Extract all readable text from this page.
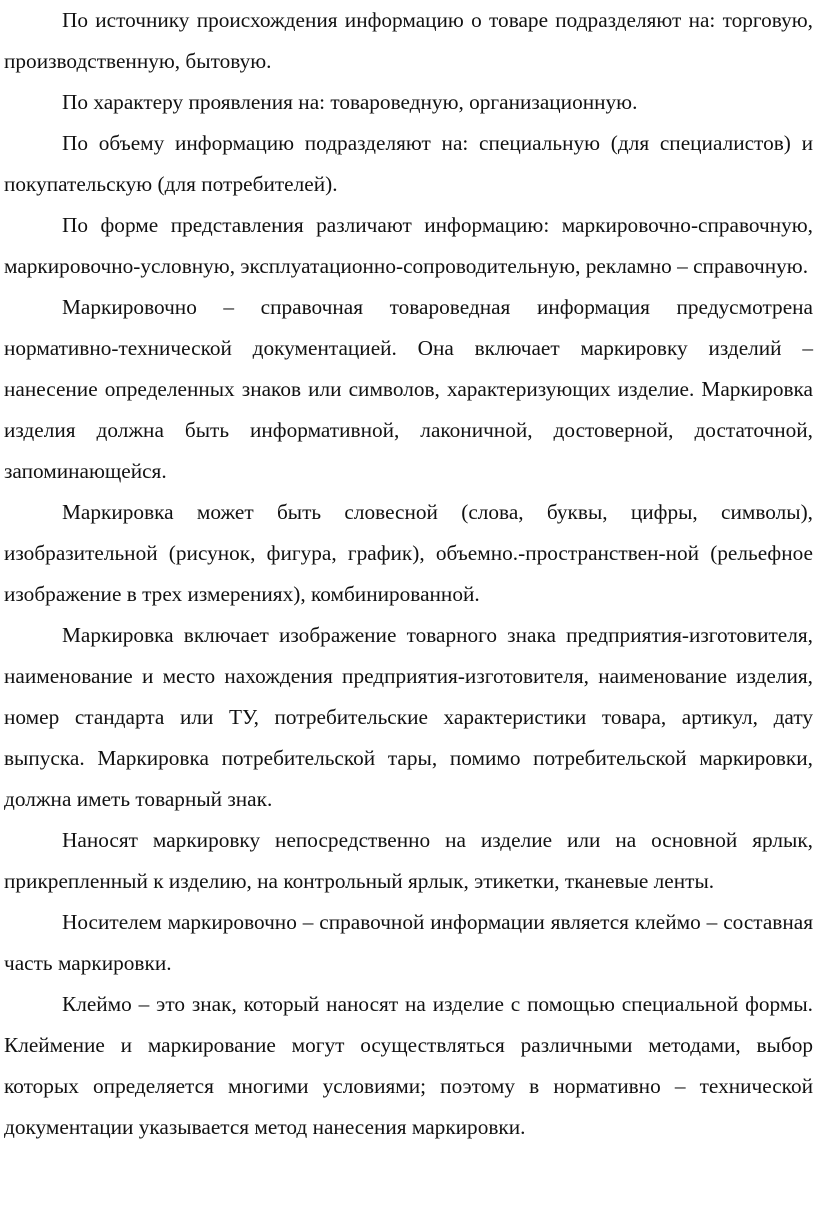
По источнику происхождения информацию о товаре подразделяют на: торговую, производственную, бытовую.

По характеру проявления на: товароведную, организационную.

По объему информацию подразделяют на: специальную (для специалистов) и покупательскую (для потребителей).

По форме представления различают информацию: маркировочно-справочную, маркировочно-условную, эксплуатационно-сопроводительную, рекламно – справочную.

Маркировочно – справочная товароведная информация предусмотрена нормативно-технической документацией. Она включает маркировку изделий – нанесение определенных знаков или символов, характеризующих изделие. Маркировка изделия должна быть информативной, лаконичной, достоверной, достаточной, запоминающейся.

Маркировка может быть словесной (слова, буквы, цифры, символы), изобразительной (рисунок, фигура, график), объемно.-пространствен-ной (рельефное изображение в трех измерениях), комбинированной.

Маркировка включает изображение товарного знака предприятия-изготовителя, наименование и место нахождения предприятия-изготовителя, наименование изделия, номер стандарта или ТУ, потребительские характеристики товара, артикул, дату выпуска. Маркировка потребительской тары, помимо потребительской маркировки, должна иметь товарный знак.

Наносят маркировку непосредственно на изделие или на основной ярлык, прикрепленный к изделию, на контрольный ярлык, этикетки, тканевые ленты.

Носителем маркировочно – справочной информации является клеймо – составная часть маркировки.

Клеймо – это знак, который наносят на изделие с помощью специальной формы. Клеймение и маркирование могут осуществляться различными методами, выбор которых определяется многими условиями; поэтому в нормативно – технической документации указывается метод нанесения маркировки.
